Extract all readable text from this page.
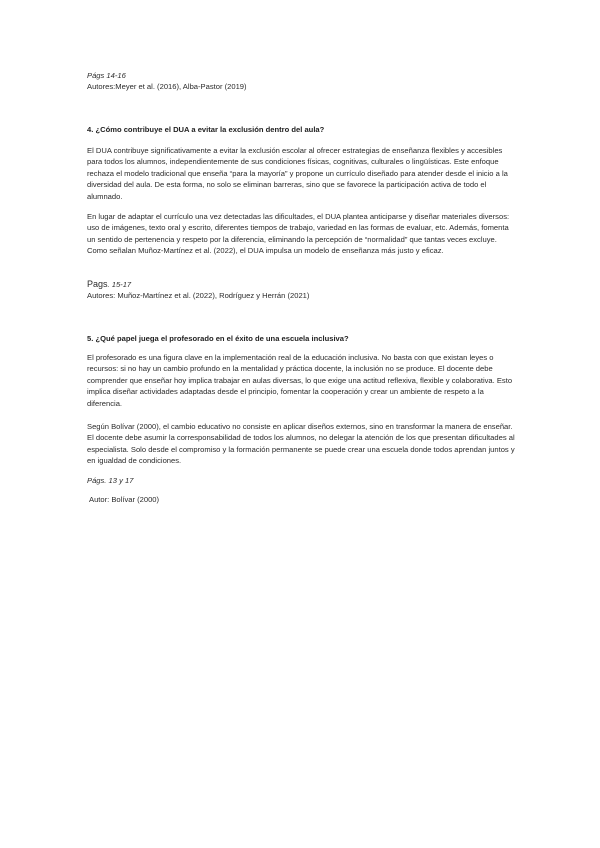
Págs 14-16
Autores:Meyer et al. (2016), Alba-Pastor (2019)
4. ¿Cómo contribuye el DUA a evitar la exclusión dentro del aula?

El DUA contribuye significativamente a evitar la exclusión escolar al ofrecer estrategias de enseñanza flexibles y accesibles para todos los alumnos, independientemente de sus condiciones físicas, cognitivas, culturales o lingüísticas. Este enfoque rechaza el modelo tradicional que enseña “para la mayoría” y propone un currículo diseñado para atender desde el inicio a la diversidad del aula. De esta forma, no solo se eliminan barreras, sino que se favorece la participación activa de todo el alumnado.

En lugar de adaptar el currículo una vez detectadas las dificultades, el DUA plantea anticiparse y diseñar materiales diversos: uso de imágenes, texto oral y escrito, diferentes tiempos de trabajo, variedad en las formas de evaluar, etc. Además, fomenta un sentido de pertenencia y respeto por la diferencia, eliminando la percepción de “normalidad” que tantas veces excluye. Como señalan Muñoz-Martínez et al. (2022), el DUA impulsa un modelo de enseñanza más justo y eficaz.

Pags. 15-17
Autores: Muñoz-Martínez et al. (2022), Rodríguez y Herrán (2021)
5. ¿Qué papel juega el profesorado en el éxito de una escuela inclusiva?

El profesorado es una figura clave en la implementación real de la educación inclusiva. No basta con que existan leyes o recursos: si no hay un cambio profundo en la mentalidad y práctica docente, la inclusión no se produce. El docente debe comprender que enseñar hoy implica trabajar en aulas diversas, lo que exige una actitud reflexiva, flexible y colaborativa. Esto implica diseñar actividades adaptadas desde el principio, fomentar la cooperación y crear un ambiente de respeto a la diferencia.

Según Bolívar (2000), el cambio educativo no consiste en aplicar diseños externos, sino en transformar la manera de enseñar. El docente debe asumir la corresponsabilidad de todos los alumnos, no delegar la atención de los que presentan dificultades al especialista. Solo desde el compromiso y la formación permanente se puede crear una escuela donde todos aprendan juntos y en igualdad de condiciones.

Págs. 13 y 17
Autor: Bolívar (2000)
